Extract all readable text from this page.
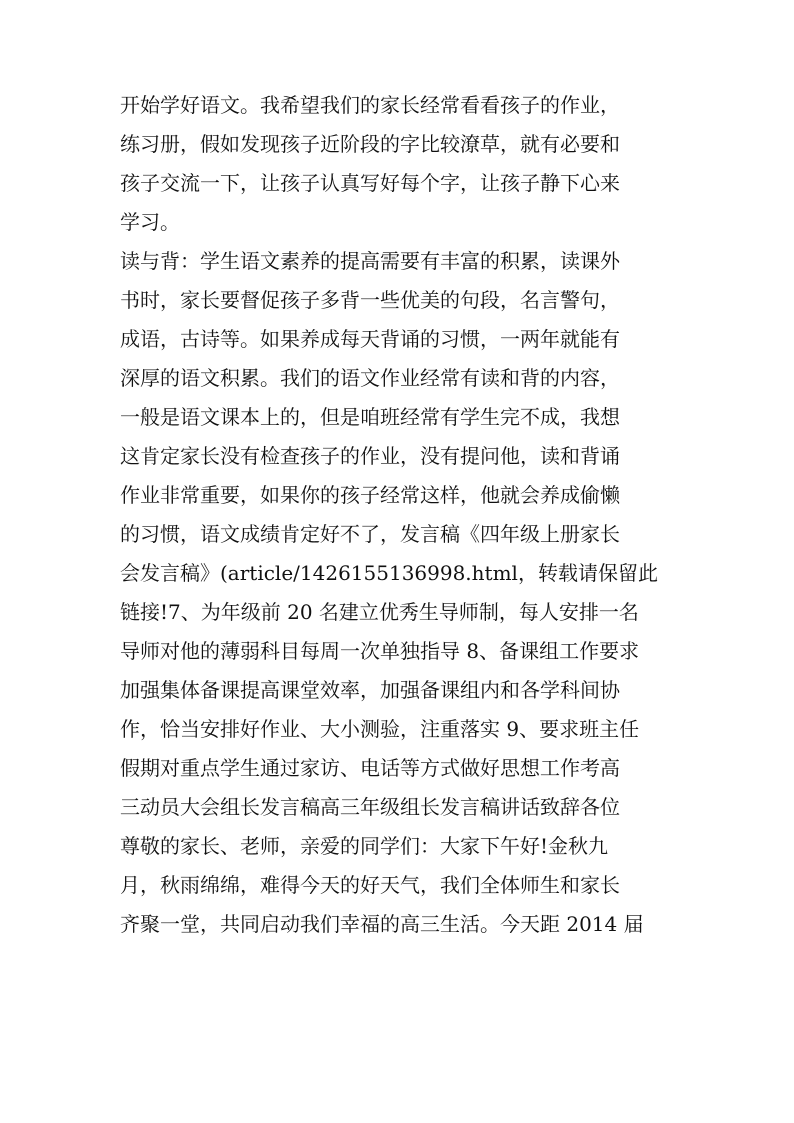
开始学好语文。我希望我们的家长经常看看孩子的作业，
练习册，假如发现孩子近阶段的字比较潦草，就有必要和
孩子交流一下，让孩子认真写好每个字，让孩子静下心来
学习。
读与背：学生语文素养的提高需要有丰富的积累，读课外
书时，家长要督促孩子多背一些优美的句段，名言警句，
成语，古诗等。如果养成每天背诵的习惯，一两年就能有
深厚的语文积累。我们的语文作业经常有读和背的内容，
一般是语文课本上的，但是咱班经常有学生完不成，我想
这肯定家长没有检查孩子的作业，没有提问他，读和背诵
作业非常重要，如果你的孩子经常这样，他就会养成偷懒
的习惯，语文成绩肯定好不了，发言稿《四年级上册家长
会发言稿》(article/1426155136998.html，转载请保留此
链接!7、为年级前 20 名建立优秀生导师制，每人安排一名
导师对他的薄弱科目每周一次单独指导 8、备课组工作要求
加强集体备课提高课堂效率，加强备课组内和各学科间协
作，恰当安排好作业、大小测验，注重落实 9、要求班主任
假期对重点学生通过家访、电话等方式做好思想工作考高
三动员大会组长发言稿高三年级组长发言稿讲话致辞各位
尊敬的家长、老师，亲爱的同学们：大家下午好!金秋九
月，秋雨绵绵，难得今天的好天气，我们全体师生和家长
齐聚一堂，共同启动我们幸福的高三生活。今天距 2014 届
